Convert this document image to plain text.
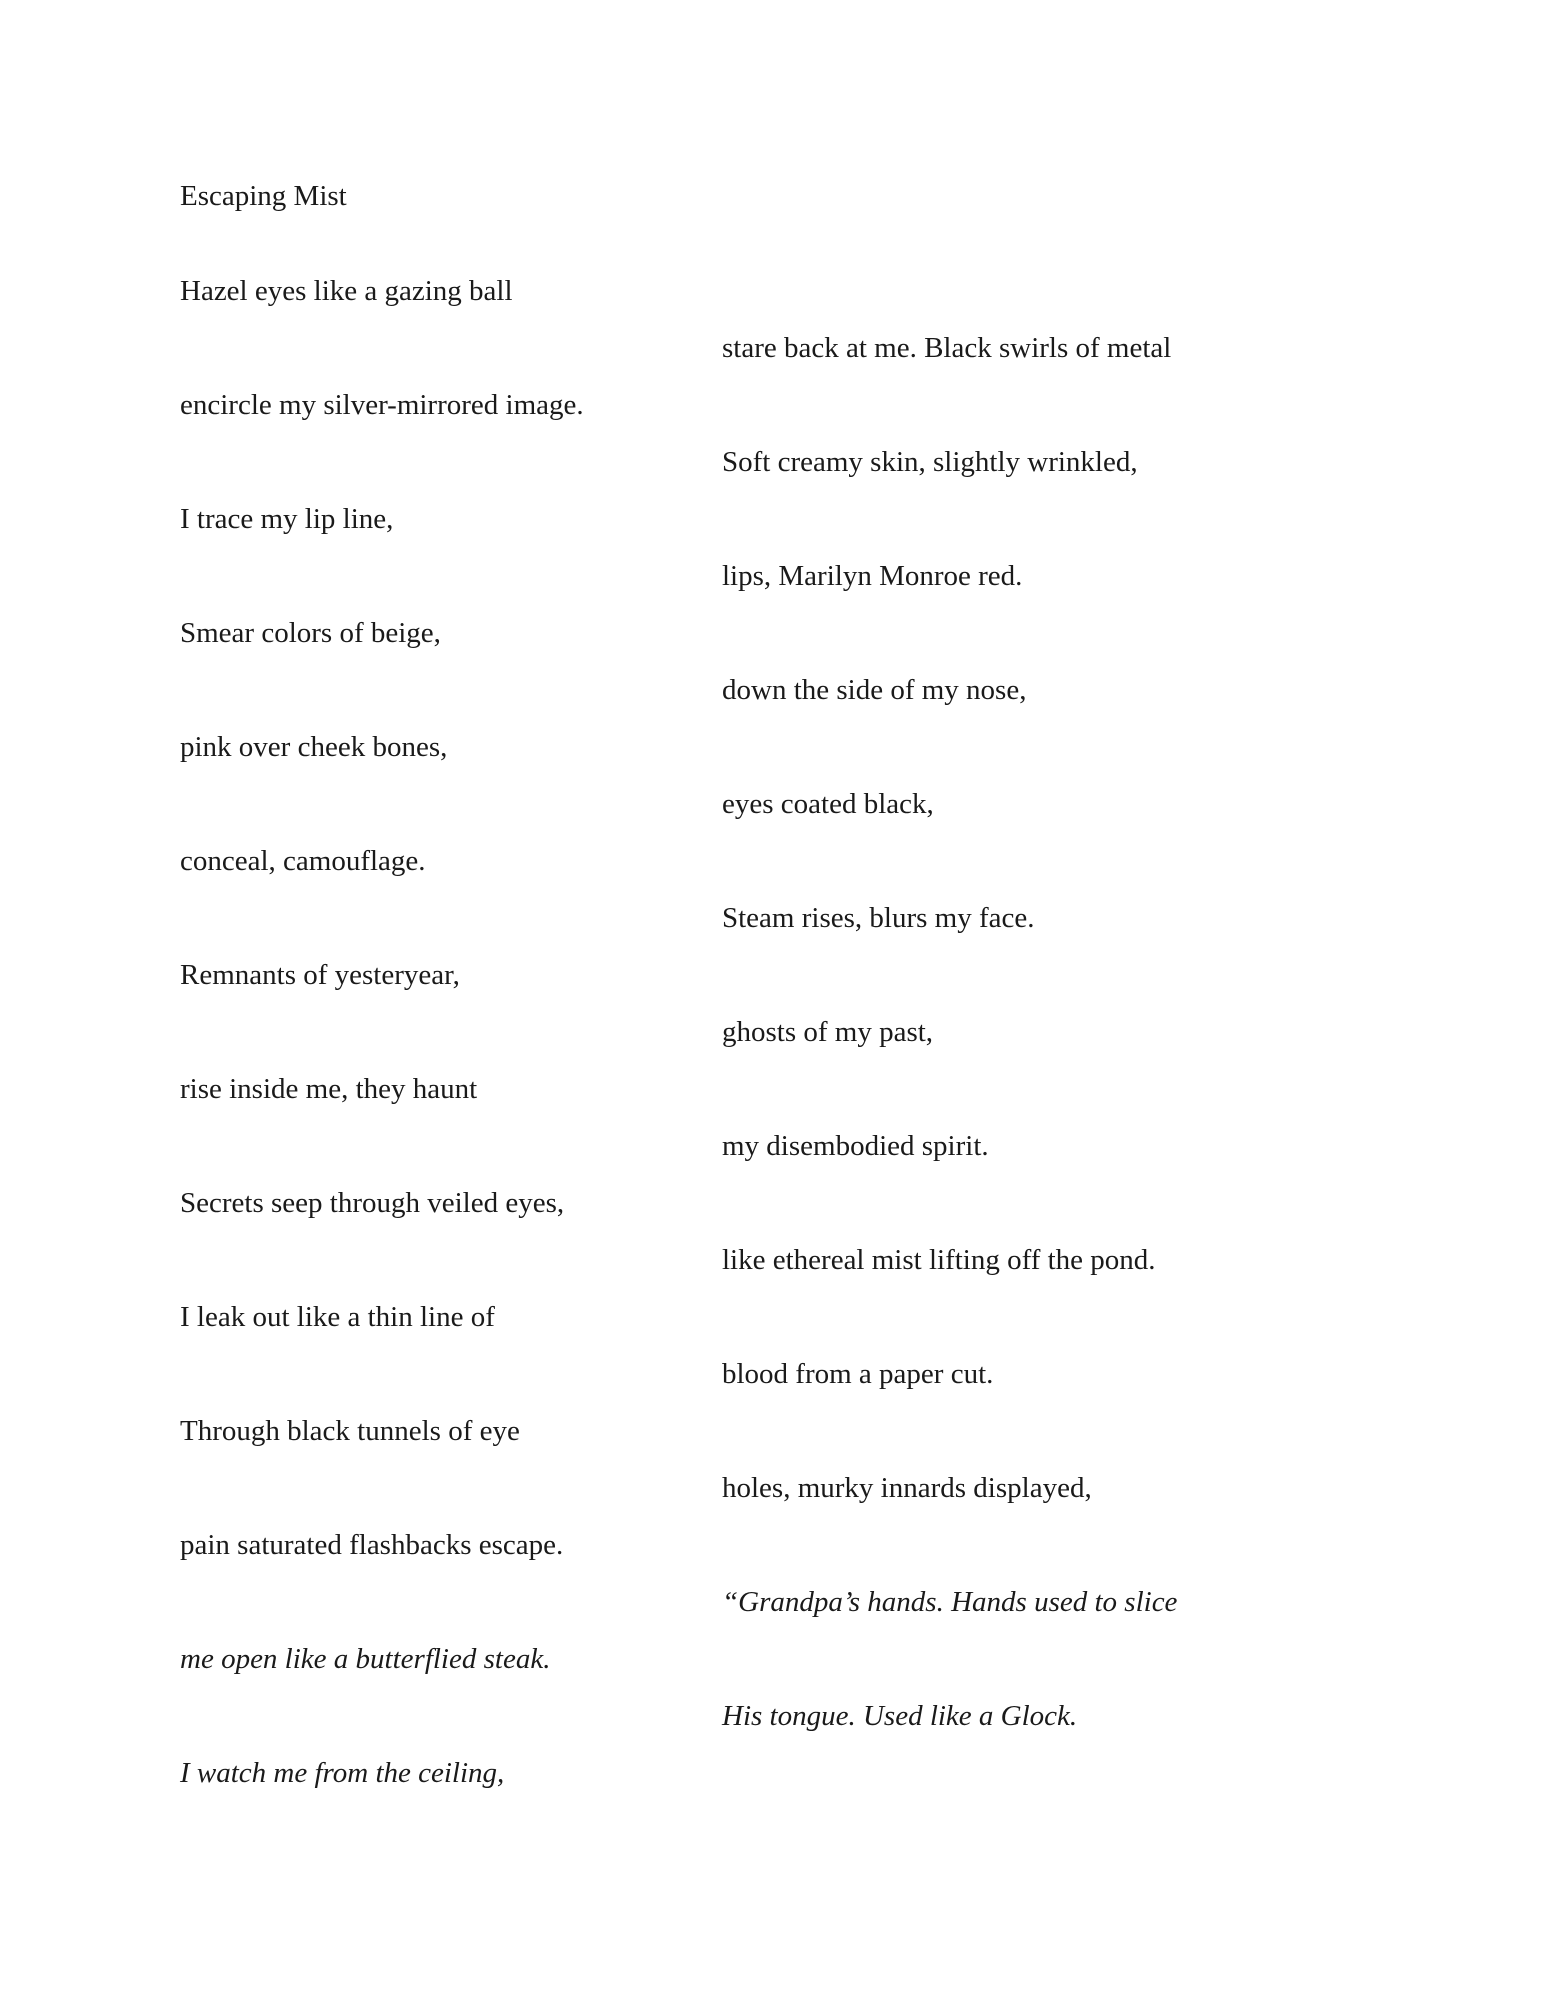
Escaping Mist
Hazel eyes like a gazing ball
stare back at me. Black swirls of metal
encircle my silver-mirrored image.
Soft creamy skin, slightly wrinkled,
I trace my lip line,
lips, Marilyn Monroe red.
Smear colors of beige,
down the side of my nose,
pink over cheek bones,
eyes coated black,
conceal, camouflage.
Steam rises, blurs my face.
Remnants of yesteryear,
ghosts of my past,
rise inside me, they haunt
my disembodied spirit.
Secrets seep through veiled eyes,
like ethereal mist lifting off the pond.
I leak out like a thin line of
blood from a paper cut.
Through black tunnels of eye
holes, murky innards displayed,
pain saturated flashbacks escape.
“Grandpa’s hands. Hands used to slice
me open like a butterflied steak.
His tongue. Used like a Glock.
I watch me from the ceiling,
